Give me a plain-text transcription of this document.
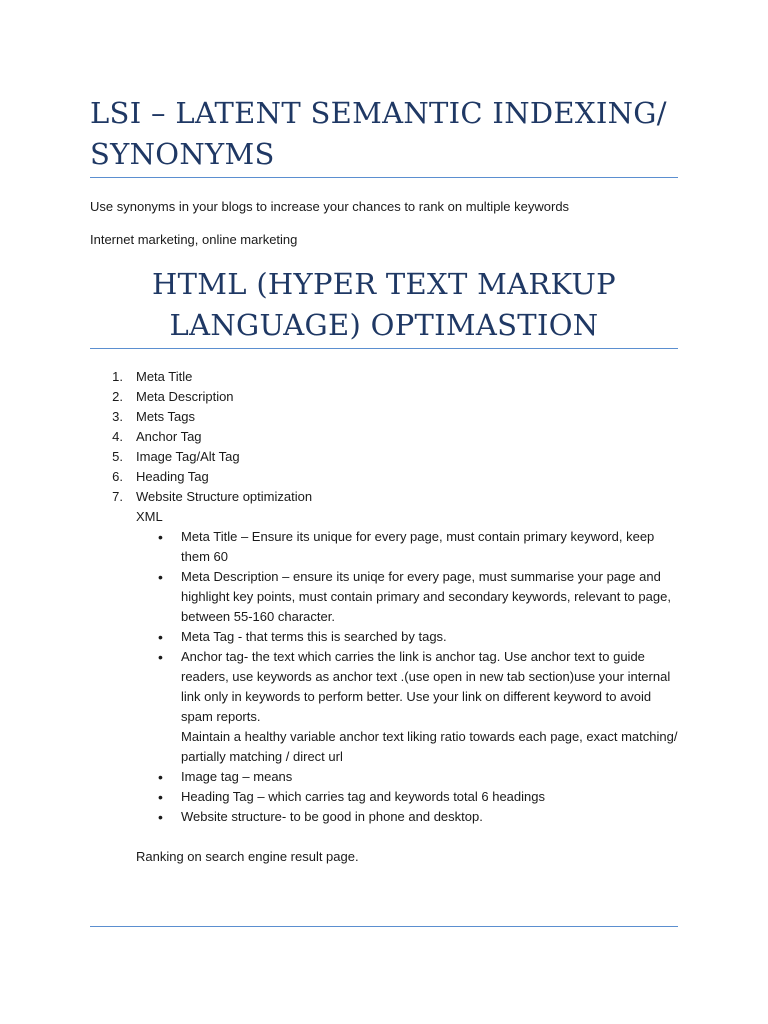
LSI – LATENT SEMANTIC INDEXING/ SYNONYMS

Use synonyms in your blogs to increase your chances to rank on multiple keywords

Internet marketing, online marketing

HTML (HYPER TEXT MARKUP LANGUAGE) OPTIMASTION
1. Meta Title
2. Meta Description
3. Mets Tags
4. Anchor Tag
5. Image Tag/Alt Tag
6. Heading Tag
7. Website Structure optimization
XML
• Meta Title – Ensure its unique for every page, must contain primary keyword, keep them 60
• Meta Description – ensure its uniqe for every page, must summarise your page and highlight key points, must contain primary and secondary keywords, relevant to page, between 55-160 character.
• Meta Tag - that terms this is searched by tags.
• Anchor tag- the text which carries the link is anchor tag. Use anchor text to guide readers, use keywords as anchor text .(use open in new tab section)use your internal link only in keywords to perform better. Use your link on different keyword to avoid spam reports.
Maintain a healthy variable anchor text liking ratio towards each page, exact matching/ partially matching / direct url
• Image tag – means
• Heading Tag – which carries tag and keywords total 6 headings
• Website structure- to be good in phone and desktop.
Ranking on search engine result page.
